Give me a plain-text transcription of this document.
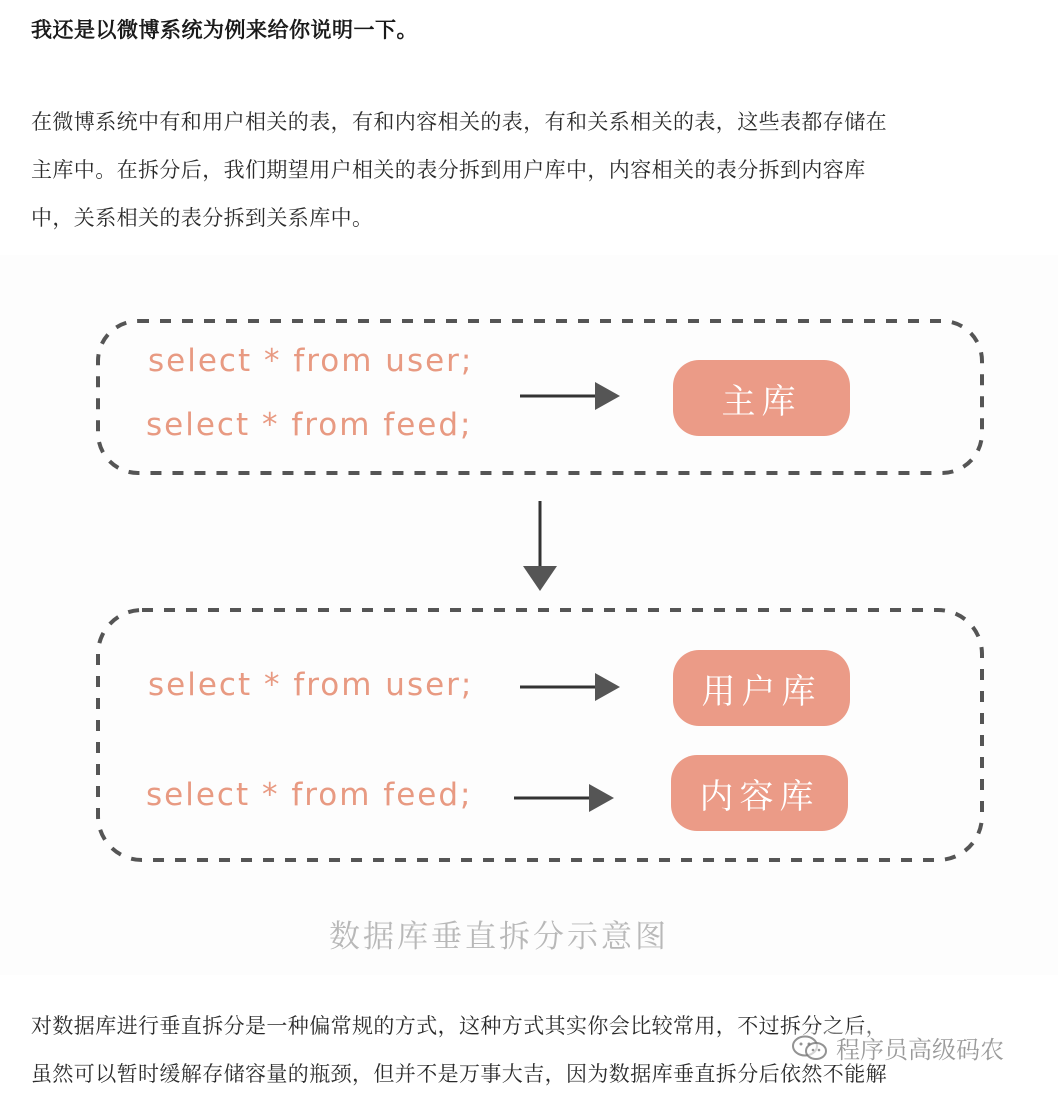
我还是以微博系统为例来给你说明一下。
在微博系统中有和用户相关的表，有和内容相关的表，有和关系相关的表，这些表都存储在
主库中。在拆分后，我们期望用户相关的表分拆到用户库中，内容相关的表分拆到内容库
中，关系相关的表分拆到关系库中。
select * from user;
select * from feed;
主库
select * from user;	用户库
select * from feed;	内容库
数据库垂直拆分示意图
对数据库进行垂直拆分是一种偏常规的方式，这种方式其实你会比较常用，不过拆分之后，
虽然可以暂时缓解存储容量的瓶颈，但并不是万事大吉，因为数据库垂直拆分后依然不能解
程序员高级码农
